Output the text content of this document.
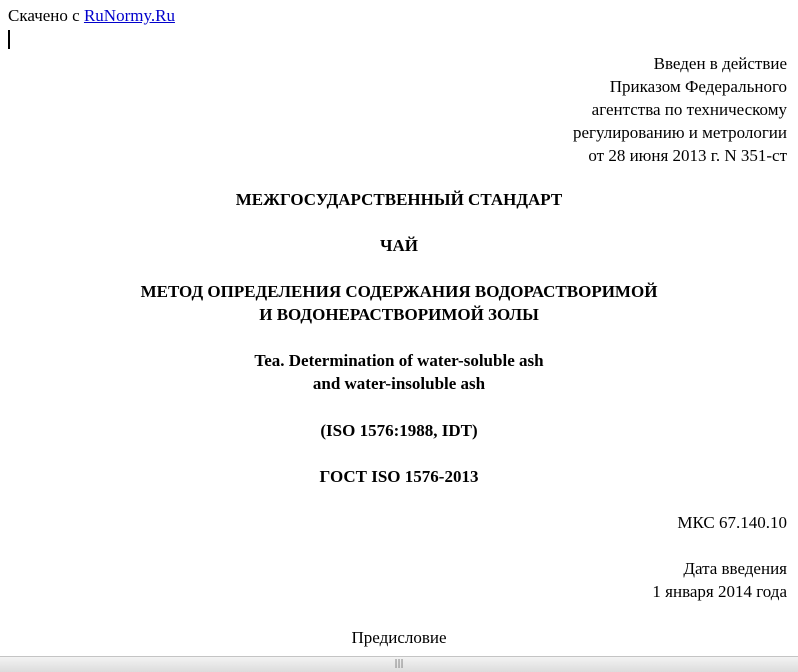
Скачено с RuNormy.Ru
Введен в действие
Приказом Федерального
агентства по техническому
регулированию и метрологии
от 28 июня 2013 г. N 351-ст
МЕЖГОСУДАРСТВЕННЫЙ СТАНДАРТ
ЧАЙ
МЕТОД ОПРЕДЕЛЕНИЯ СОДЕРЖАНИЯ ВОДОРАСТВОРИМОЙ
И ВОДОНЕРАСТВОРИМОЙ ЗОЛЫ
Tea. Determination of water-soluble ash
and water-insoluble ash
(ISO 1576:1988, IDT)
ГОСТ ISO 1576-2013
МКС 67.140.10
Дата введения
1 января 2014 года
Предисловие
|||
